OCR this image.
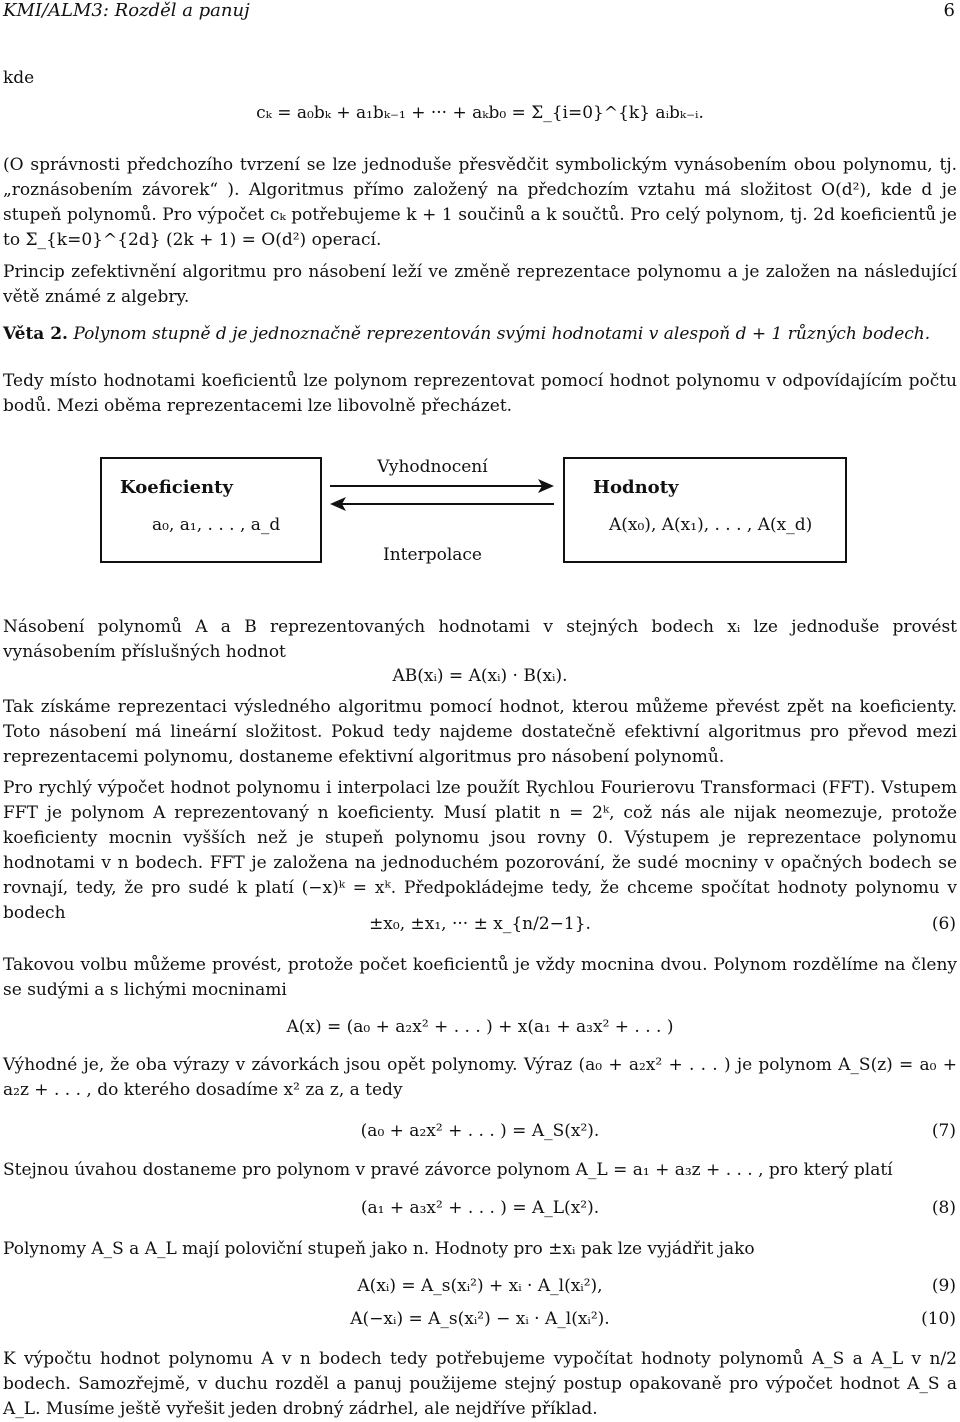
KMI/ALM3: Rozděl a panuj	6

kde

cₖ = a₀bₖ + a₁bₖ₋₁ + ··· + aₖb₀ = Σ_{i=0}^{k} aᵢbₖ₋ᵢ.

(O správnosti předchozího tvrzení se lze jednoduše přesvědčit symbolickým vynásobením obou polynomu, tj. „roznásobením závorek“ ). Algoritmus přímo založený na předchozím vztahu má složitost O(d²), kde d je stupeň polynomů. Pro výpočet cₖ potřebujeme k + 1 součinů a k součtů. Pro celý polynom, tj. 2d koeficientů je to Σ_{k=0}^{2d} (2k + 1) = O(d²) operací.

Princip zefektivnění algoritmu pro násobení leží ve změně reprezentace polynomu a je založen na následující větě známé z algebry.

Věta 2. Polynom stupně d je jednoznačně reprezentován svými hodnotami v alespoň d + 1 různých bodech.

Tedy místo hodnotami koeficientů lze polynom reprezentovat pomocí hodnot polynomu v odpovídajícím počtu bodů. Mezi oběma reprezentacemi lze libovolně přecházet.

Koeficienty
a₀, a₁, . . . , a_d
Hodnoty
A(x₀), A(x₁), . . . , A(x_d)
Vyhodnocení
Interpolace

Násobení polynomů A a B reprezentovaných hodnotami v stejných bodech xᵢ lze jednoduše provést vynásobením příslušných hodnot

AB(xᵢ) = A(xᵢ) · B(xᵢ).

Tak získáme reprezentaci výsledného algoritmu pomocí hodnot, kterou můžeme převést zpět na koeficienty. Toto násobení má lineární složitost. Pokud tedy najdeme dostatečně efektivní algoritmus pro převod mezi reprezentacemi polynomu, dostaneme efektivní algoritmus pro násobení polynomů.

Pro rychlý výpočet hodnot polynomu i interpolaci lze použít Rychlou Fourierovu Transformaci (FFT). Vstupem FFT je polynom A reprezentovaný n koeficienty. Musí platit n = 2ᵏ, což nás ale nijak neomezuje, protože koeficienty mocnin vyšších než je stupeň polynomu jsou rovny 0. Výstupem je reprezentace polynomu hodnotami v n bodech. FFT je založena na jednoduchém pozorování, že sudé mocniny v opačných bodech se rovnají, tedy, že pro sudé k platí (−x)ᵏ = xᵏ. Předpokládejme tedy, že chceme spočítat hodnoty polynomu v bodech

±x₀, ±x₁, ··· ± x_{n/2−1}.	(6)

Takovou volbu můžeme provést, protože počet koeficientů je vždy mocnina dvou. Polynom rozdělíme na členy se sudými a s lichými mocninami

A(x) = (a₀ + a₂x² + . . . ) + x(a₁ + a₃x² + . . . )

Výhodné je, že oba výrazy v závorkách jsou opět polynomy. Výraz (a₀ + a₂x² + . . . ) je polynom A_S(z) = a₀ + a₂z + . . . , do kterého dosadíme x² za z, a tedy

(a₀ + a₂x² + . . . ) = A_S(x²).	(7)

Stejnou úvahou dostaneme pro polynom v pravé závorce polynom A_L = a₁ + a₃z + . . . , pro který platí

(a₁ + a₃x² + . . . ) = A_L(x²).	(8)

Polynomy A_S a A_L mají poloviční stupeň jako n. Hodnoty pro ±xᵢ pak lze vyjádřit jako

A(xᵢ) = A_s(xᵢ²) + xᵢ · A_l(xᵢ²),	(9)

A(−xᵢ) = A_s(xᵢ²) − xᵢ · A_l(xᵢ²).	(10)

K výpočtu hodnot polynomu A v n bodech tedy potřebujeme vypočítat hodnoty polynomů A_S a A_L v n/2 bodech. Samozřejmě, v duchu rozděl a panuj použijeme stejný postup opakovaně pro výpočet hodnot A_S a A_L. Musíme ještě vyřešit jeden drobný zádrhel, ale nejdříve příklad.
